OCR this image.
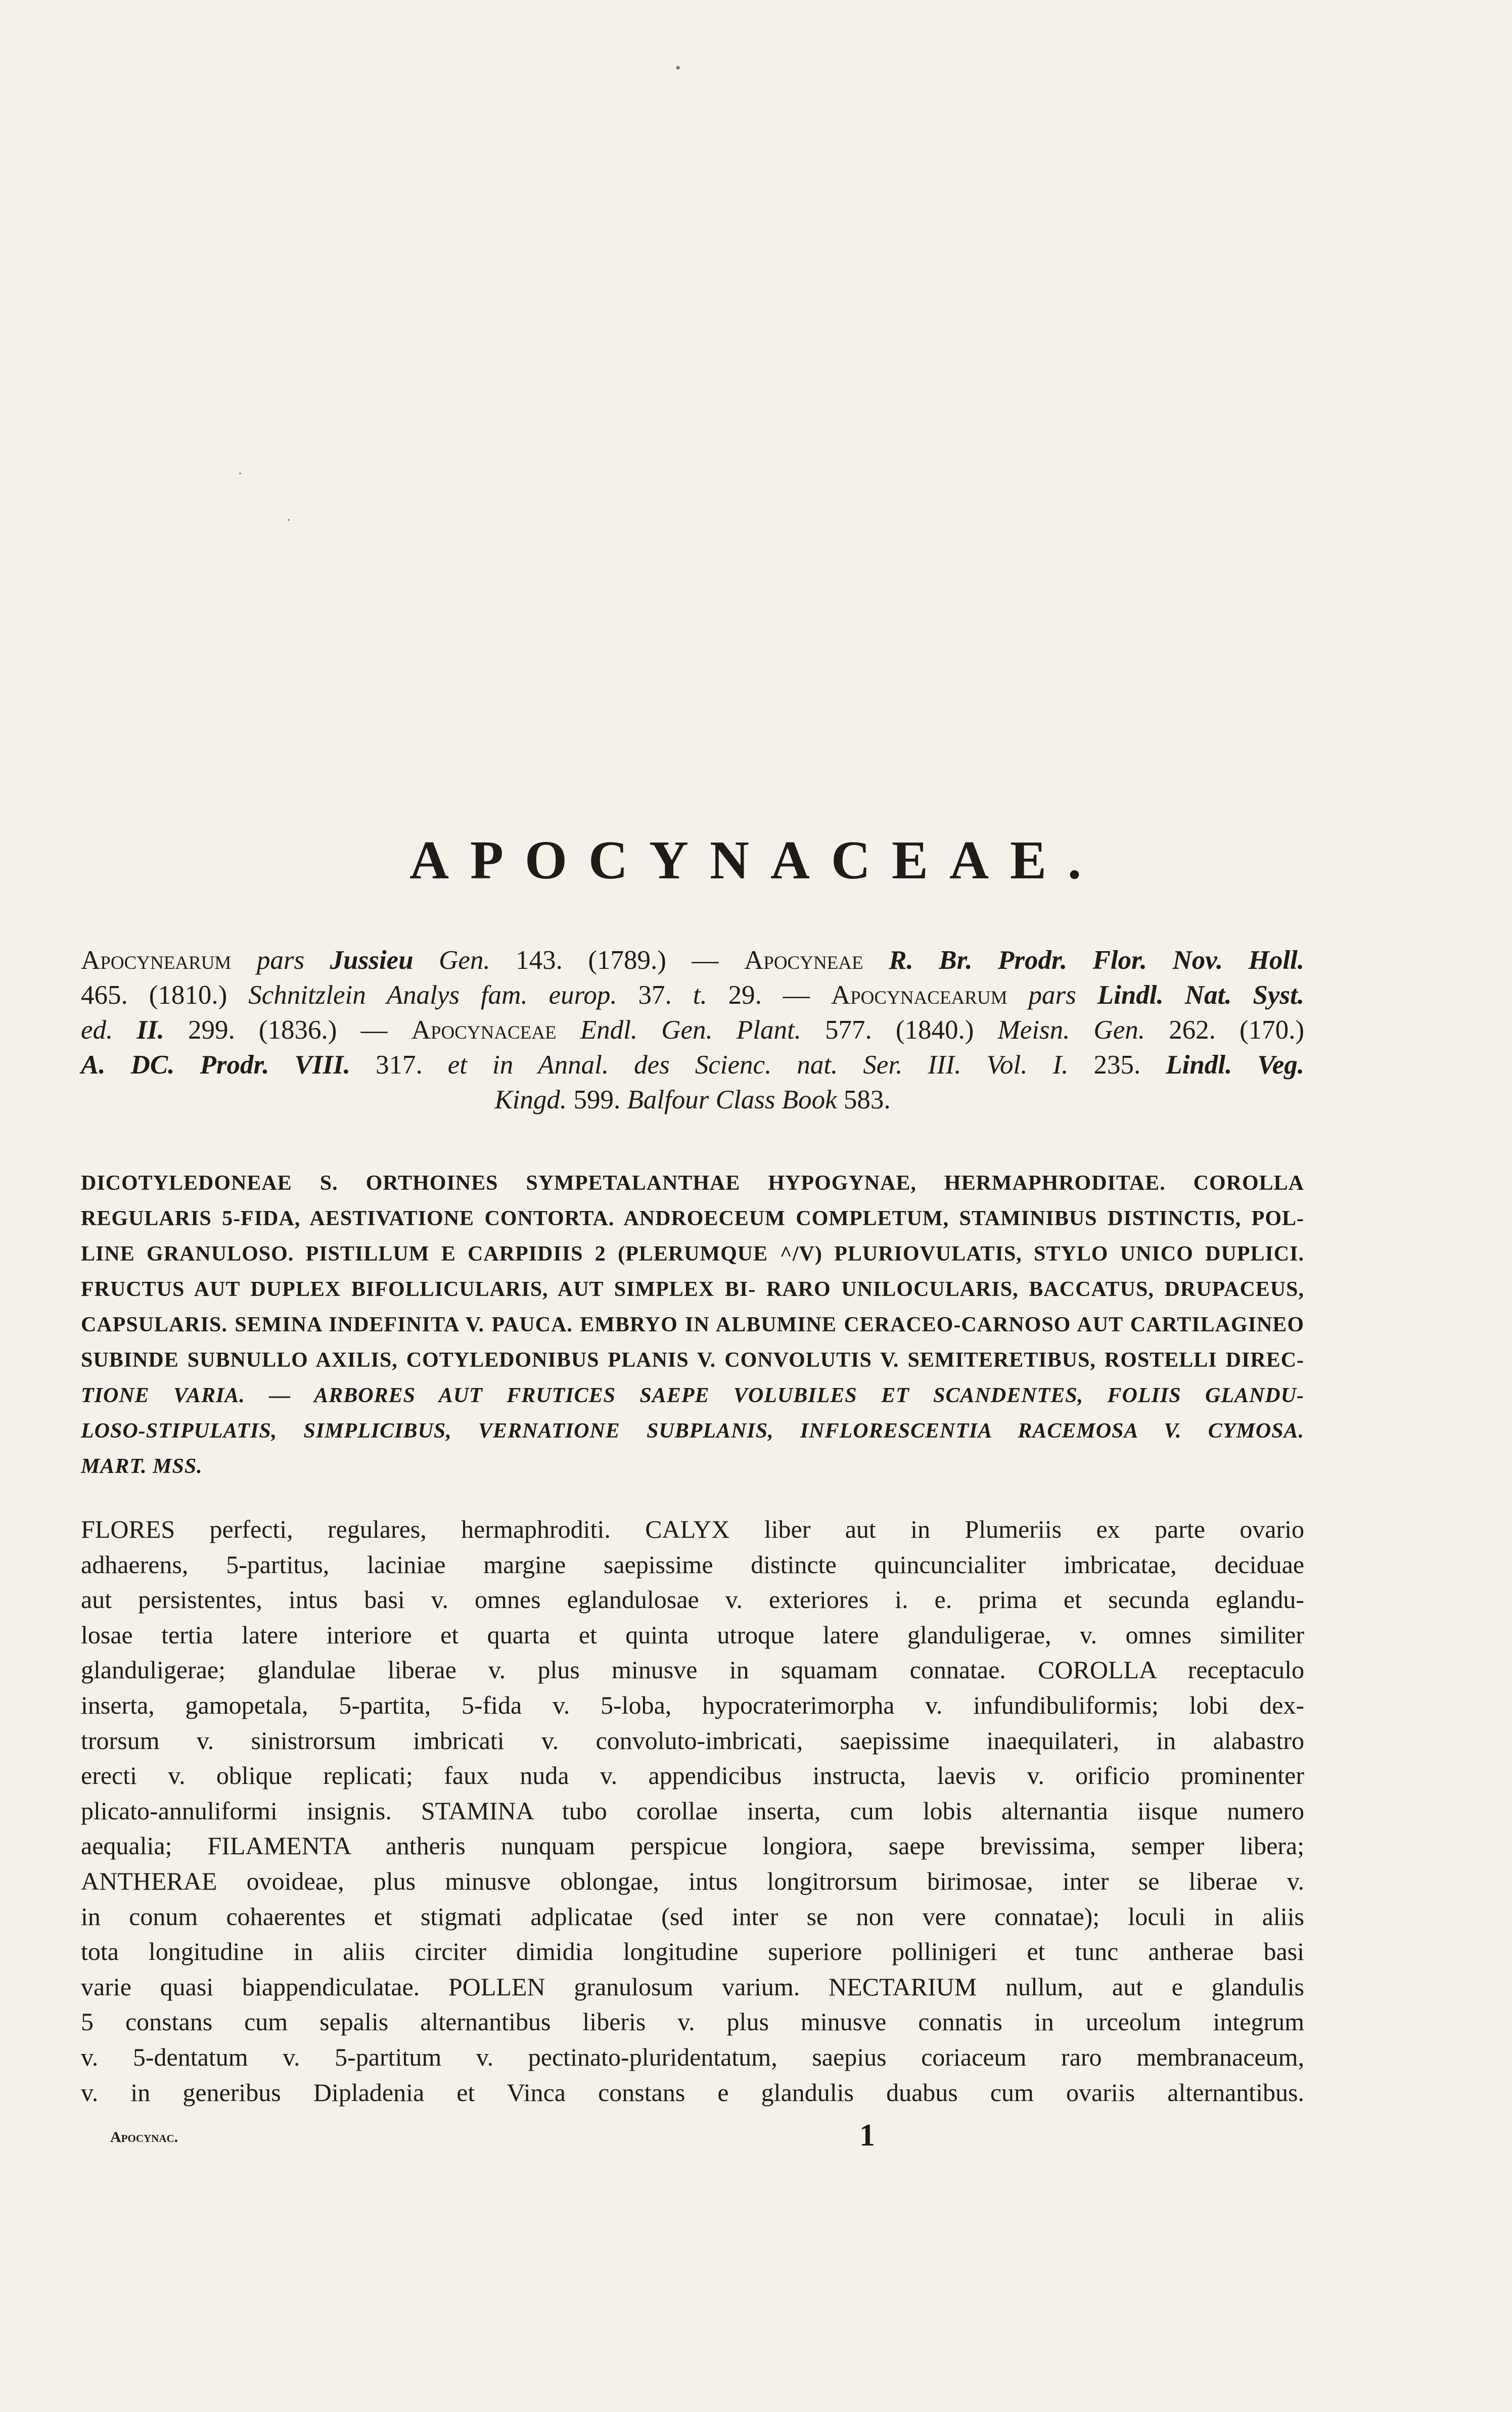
•
·
·
APOCYNACEAE.
Apocynearum pars Jussieu Gen. 143. (1789.) — Apocyneae R. Br. Prodr. Flor. Nov. Holl.
465. (1810.) Schnitzlein Analys fam. europ. 37. t. 29. — Apocynacearum pars Lindl. Nat. Syst.
ed. II. 299. (1836.) — Apocynaceae Endl. Gen. Plant. 577. (1840.) Meisn. Gen. 262. (170.)
A. DC. Prodr. VIII. 317. et in Annal. des Scienc. nat. Ser. III. Vol. I. 235. Lindl. Veg.
Kingd. 599. Balfour Class Book 583.
DICOTYLEDONEAE S. ORTHOINES SYMPETALANTHAE HYPOGYNAE, HERMAPHRODITAE. COROLLA
REGULARIS 5-FIDA, AESTIVATIONE CONTORTA. ANDROECEUM COMPLETUM, STAMINIBUS DISTINCTIS, POL-
LINE GRANULOSO. PISTILLUM E CARPIDIIS 2 (PLERUMQUE ^/V) PLURIOVULATIS, STYLO UNICO DUPLICI.
FRUCTUS AUT DUPLEX BIFOLLICULARIS, AUT SIMPLEX BI- RARO UNILOCULARIS, BACCATUS, DRUPACEUS,
CAPSULARIS. SEMINA INDEFINITA V. PAUCA. EMBRYO IN ALBUMINE CERACEO-CARNOSO AUT CARTILAGINEO
SUBINDE SUBNULLO AXILIS, COTYLEDONIBUS PLANIS V. CONVOLUTIS V. SEMITERETIBUS, ROSTELLI DIREC-
TIONE VARIA. — ARBORES AUT FRUTICES SAEPE VOLUBILES ET SCANDENTES, FOLIIS GLANDU-
LOSO-STIPULATIS, SIMPLICIBUS, VERNATIONE SUBPLANIS, INFLORESCENTIA RACEMOSA V. CYMOSA.
MART. MSS.
FLORES perfecti, regulares, hermaphroditi. CALYX liber aut in Plumeriis ex parte ovario
adhaerens, 5-partitus, laciniae margine saepissime distincte quincuncialiter imbricatae, deciduae
aut persistentes, intus basi v. omnes eglandulosae v. exteriores i. e. prima et secunda eglandu-
losae tertia latere interiore et quarta et quinta utroque latere glanduligerae, v. omnes similiter
glanduligerae; glandulae liberae v. plus minusve in squamam connatae. COROLLA receptaculo
inserta, gamopetala, 5-partita, 5-fida v. 5-loba, hypocraterimorpha v. infundibuliformis; lobi dex-
trorsum v. sinistrorsum imbricati v. convoluto-imbricati, saepissime inaequilateri, in alabastro
erecti v. oblique replicati; faux nuda v. appendicibus instructa, laevis v. orificio prominenter
plicato-annuliformi insignis. STAMINA tubo corollae inserta, cum lobis alternantia iisque numero
aequalia; FILAMENTA antheris nunquam perspicue longiora, saepe brevissima, semper libera;
ANTHERAE ovoideae, plus minusve oblongae, intus longitrorsum birimosae, inter se liberae v.
in conum cohaerentes et stigmati adplicatae (sed inter se non vere connatae); loculi in aliis
tota longitudine in aliis circiter dimidia longitudine superiore pollinigeri et tunc antherae basi
varie quasi biappendiculatae. POLLEN granulosum varium. NECTARIUM nullum, aut e glandulis
5 constans cum sepalis alternantibus liberis v. plus minusve connatis in urceolum integrum
v. 5-dentatum v. 5-partitum v. pectinato-pluridentatum, saepius coriaceum raro membranaceum,
v. in generibus Dipladenia et Vinca constans e glandulis duabus cum ovariis alternantibus.
Apocynac.	1
